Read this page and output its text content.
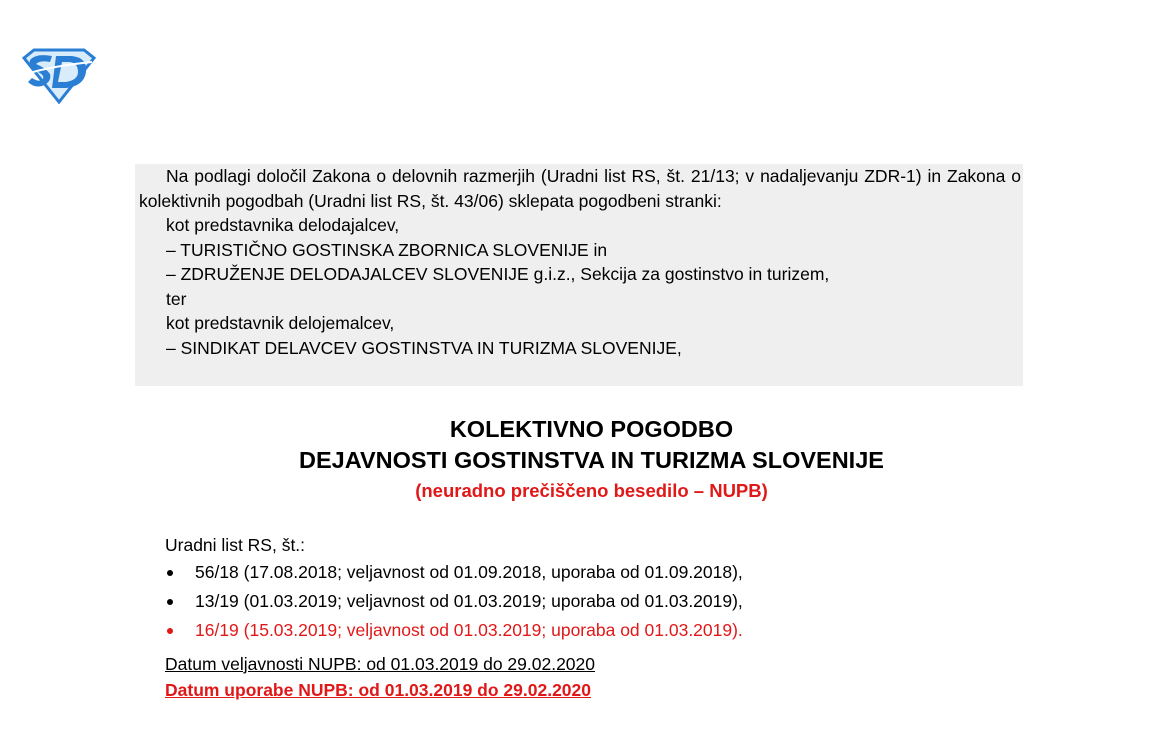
Na podlagi določil Zakona o delovnih razmerjih (Uradni list RS, št. 21/13; v nadaljevanju ZDR-1) in Zakona o kolektivnih pogodbah (Uradni list RS, št. 43/06) sklepata pogodbeni stranki:

kot predstavnika delodajalcev,

– TURISTIČNO GOSTINSKA ZBORNICA SLOVENIJE in

– ZDRUŽENJE DELODAJALCEV SLOVENIJE g.i.z., Sekcija za gostinstvo in turizem,

ter

kot predstavnik delojemalcev,

– SINDIKAT DELAVCEV GOSTINSTVA IN TURIZMA SLOVENIJE,

KOLEKTIVNO POGODBO

DEJAVNOSTI GOSTINSTVA IN TURIZMA SLOVENIJE

(neuradno prečiščeno besedilo – NUPB)

Uradni list RS, št.:

56/18 (17.08.2018; veljavnost od 01.09.2018, uporaba od 01.09.2018),
13/19 (01.03.2019; veljavnost od 01.03.2019; uporaba od 01.03.2019),
16/19 (15.03.2019; veljavnost od 01.03.2019; uporaba od 01.03.2019).

Datum veljavnosti NUPB: od 01.03.2019 do 29.02.2020

Datum uporabe NUPB: od 01.03.2019 do 29.02.2020
